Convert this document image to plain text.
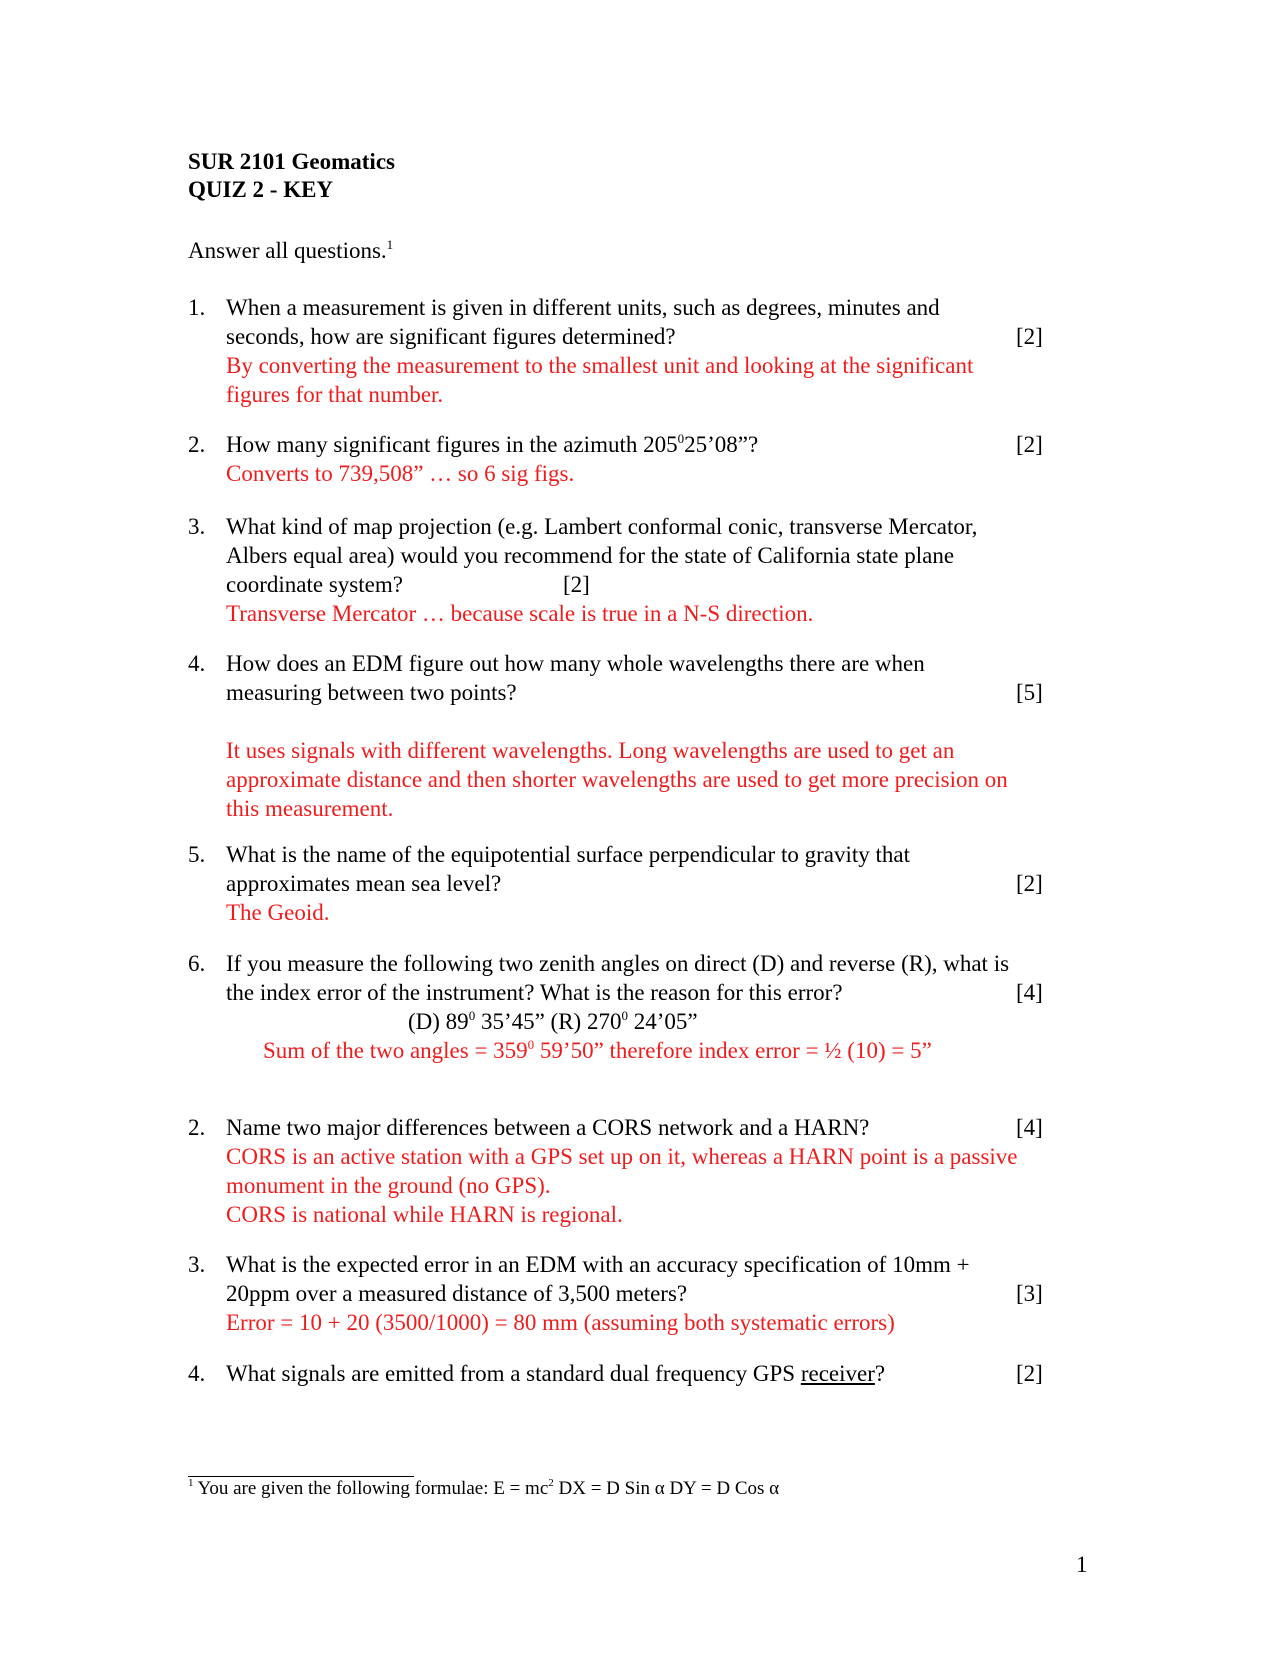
SUR 2101 Geomatics
QUIZ 2 - KEY
Answer all questions.$^1$
1. When a measurement is given in different units, such as degrees, minutes and
seconds, how are significant figures determined?	[2]
By converting the measurement to the smallest unit and looking at the significant
figures for that number.
2. How many significant figures in the azimuth $205^025’08$”?	[2]
Converts to 739,508” … so 6 sig figs.
3. What kind of map projection (e.g. Lambert conformal conic, transverse Mercator,
Albers equal area) would you recommend for the state of California state plane
coordinate system?	[2]
Transverse Mercator … because scale is true in a N-S direction.
4. How does an EDM figure out how many whole wavelengths there are when
measuring between two points?	[5]
It uses signals with different wavelengths. Long wavelengths are used to get an
approximate distance and then shorter wavelengths are used to get more precision on
this measurement.
5. What is the name of the equipotential surface perpendicular to gravity that
approximates mean sea level?	[2]
The Geoid.
6. If you measure the following two zenith angles on direct (D) and reverse (R), what is
the index error of the instrument? What is the reason for this error?	[4]
(D) $89^0$ 35’45” (R) $270^0$ 24’05”
Sum of the two angles = $359^0$ 59’50” therefore index error = ½ (10) = 5”
2. Name two major differences between a CORS network and a HARN?	[4]
CORS is an active station with a GPS set up on it, whereas a HARN point is a passive
monument in the ground (no GPS).
CORS is national while HARN is regional.
3. What is the expected error in an EDM with an accuracy specification of 10mm +
20ppm over a measured distance of 3,500 meters?	[3]
Error = 10 + 20 (3500/1000) = 80 mm (assuming both systematic errors)
4. What signals are emitted from a standard dual frequency GPS receiver?	[2]
$^1$ You are given the following formulae: $E = mc^2$ DX = D Sin α DY = D Cos α
1
